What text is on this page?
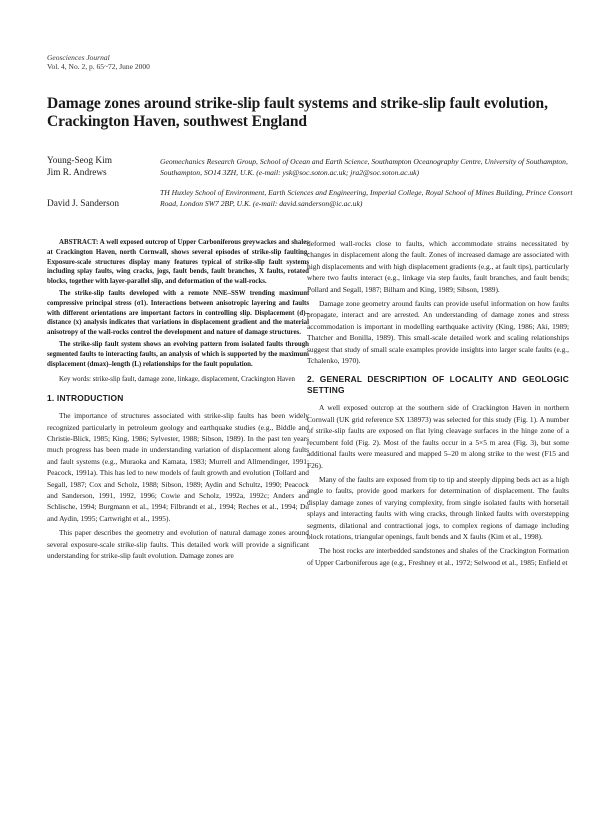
Geosciences Journal
Vol. 4, No. 2, p. 65~72, June 2000
Damage zones around strike-slip fault systems and strike-slip fault evolution, Crackington Haven, southwest England
Young-Seog Kim
Jim R. Andrews
David J. Sanderson
Geomechanics Research Group, School of Ocean and Earth Science, Southampton Oceanography Centre, University of Southampton, Southampton, SO14 3ZH, U.K. (e-mail: ysk@soc.soton.ac.uk; jra2@soc.soton.ac.uk)
TH Huxley School of Environment, Earth Sciences and Engineering, Imperial College, Royal School of Mines Building, Prince Consort Road, London SW7 2BP, U.K. (e-mail: david.sanderson@ic.ac.uk)

ABSTRACT: A well exposed outcrop of Upper Carboniferous greywackes and shales at Crackington Haven, north Cornwall, shows several episodes of strike-slip faulting. Exposure-scale structures display many features typical of strike-slip fault systems including splay faults, wing cracks, jogs, fault bends, fault branches, X faults, rotated blocks, together with layer-parallel slip, and deformation of the wall-rocks.

The strike-slip faults developed with a remote NNE–SSW trending maximum compressive principal stress (σ1). Interactions between anisotropic layering and faults with different orientations are important factors in controlling slip. Displacement (d)–distance (x) analysis indicates that variations in displacement gradient and the material anisotropy of the wall-rocks control the development and nature of damage structures.

The strike-slip fault system shows an evolving pattern from isolated faults through segmented faults to interacting faults, an analysis of which is supported by the maximum displacement (dmax)–length (L) relationships for the fault population.

Key words: strike-slip fault, damage zone, linkage, displacement, Crackington Haven
1. INTRODUCTION

The importance of structures associated with strike-slip faults has been widely recognized particularly in petroleum geology and earthquake studies (e.g., Biddle and Christie-Blick, 1985; King, 1986; Sylvester, 1988; Sibson, 1989). In the past ten years much progress has been made in understanding variation of displacement along faults and fault systems (e.g., Muraoka and Kamata, 1983; Murrell and Allmendinger, 1991; Peacock, 1991a). This has led to new models of fault growth and evolution (Tollard and Segall, 1987; Cox and Scholz, 1988; Sibson, 1989; Aydin and Schultz, 1990; Peacock and Sanderson, 1991, 1992, 1996; Cowie and Scholz, 1992a, 1992c; Anders and Schlische, 1994; Burgmann et al., 1994; Filbrandt et al., 1994; Reches et al., 1994; Du and Aydin, 1995; Cartwright et al., 1995).

This paper describes the geometry and evolution of natural damage zones around several exposure-scale strike-slip faults. This detailed work will provide a significant understanding for strike-slip fault evolution. Damage zones are

deformed wall-rocks close to faults, which accommodate strains necessitated by changes in displacement along the fault. Zones of increased damage are associated with high displacements and with high displacement gradients (e.g., at fault tips), particularly where two faults interact (e.g., linkage via step faults, fault branches, and fault bends; Pollard and Segall, 1987; Bilham and King, 1989; Sibson, 1989).

Damage zone geometry around faults can provide useful information on how faults propagate, interact and are arrested. An understanding of damage zones and stress accommodation is important in modelling earthquake activity (King, 1986; Aki, 1989; Thatcher and Bonilla, 1989). This small-scale detailed work and scaling relationships suggest that study of small scale examples provide insights into larger scale faults (e.g., Tchalenko, 1970).

2. GENERAL DESCRIPTION OF LOCALITY AND GEOLOGIC SETTING

A well exposed outcrop at the southern side of Crackington Haven in northern Cornwall (UK grid reference SX 138973) was selected for this study (Fig. 1). A number of strike-slip faults are exposed on flat lying cleavage surfaces in the hinge zone of a recumbent fold (Fig. 2). Most of the faults occur in a 5×5 m area (Fig. 3), but some additional faults were measured and mapped 5–20 m along strike to the west (F15 and F26).

Many of the faults are exposed from tip to tip and steeply dipping beds act as a high angle to faults, provide good markers for determination of displacement. The faults display damage zones of varying complexity, from single isolated faults with horsetail splays and interacting faults with wing cracks, through linked faults with overstepping segments, dilational and contractional jogs, to complex regions of damage including block rotations, triangular openings, fault bends and X faults (Kim et al., 1998).

The host rocks are interbedded sandstones and shales of the Crackington Formation of Upper Carboniferous age (e.g., Freshney et al., 1972; Selwood et al., 1985; Enfield et
